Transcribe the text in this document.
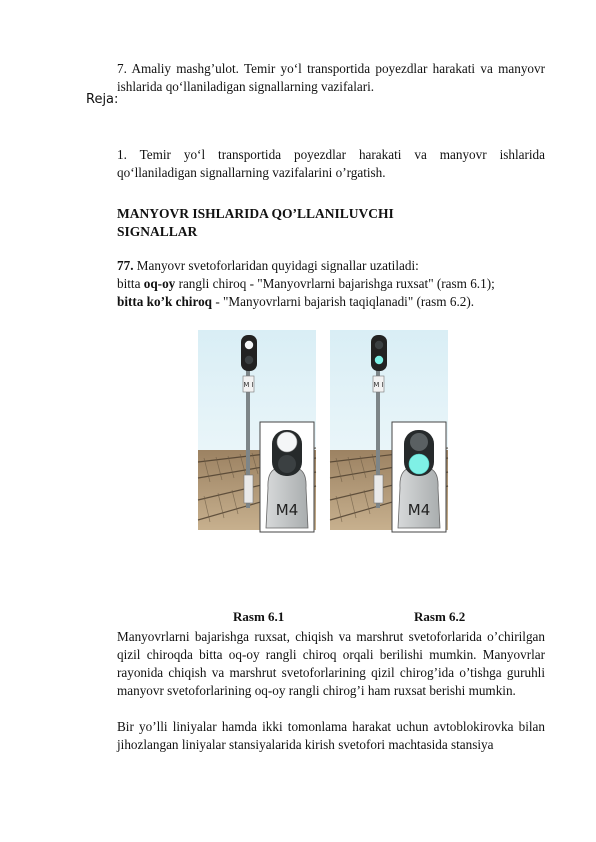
7. Amaliy mashg’ulot. Temir yo‘l transportida poyezdlar harakati va manyovr ishlarida qo‘llaniladigan signallarning vazifalari.

Reja:

1. Temir yo‘l transportida poyezdlar harakati va manyovr ishlarida qo‘llaniladigan signallarning vazifalarini o’rgatish.

MANYOVR ISHLARIDA QO’LLANILUVCHI SIGNALLAR

77. Manyovr svetoforlaridan quyidagi signallar uzatiladi:
bitta oq-oy rangli chiroq - "Manyovrlarni bajarishga ruxsat" (rasm 6.1);
bitta ko’k chiroq - "Manyovrlarni bajarish taqiqlanadi" (rasm 6.2).
M I
M4
M I
M4
Rasm 6.1	Rasm 6.2

Manyovrlarni bajarishga ruxsat, chiqish va marshrut svetoforlarida o’chirilgan qizil chiroqda bitta oq-oy rangli chiroq orqali berilishi mumkin. Manyovrlar rayonida chiqish va marshrut svetoforlarining qizil chirog’ida o’tishga guruhli manyovr svetoforlarining oq-oy rangli chirog’i ham ruxsat berishi mumkin.

Bir yo’lli liniyalar hamda ikki tomonlama harakat uchun avtoblokirovka bilan jihozlangan liniyalar stansiyalarida kirish svetofori machtasida stansiya
